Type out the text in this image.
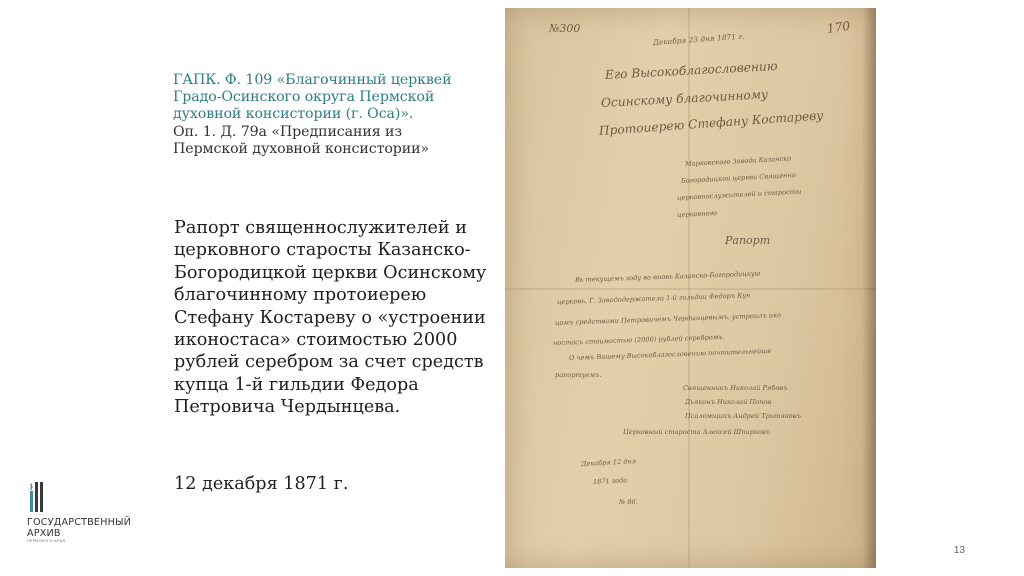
ГАПК. Ф. 109 «Благочинный церквей Градо-Осинского округа Пермской духовной консистории (г. Оса)».
Оп. 1. Д. 79а «Предписания из Пермской духовной консистории»
Рапорт священнослужителей и церковного старосты Казанско-Богородицкой церкви Осинскому благочинному протоиерею Стефану Костареву о «устроении иконостаса» стоимостью 2000 рублей серебром за счет средств купца 1-й гильдии Федора Петровича Чердынцева.
12 декабря 1871 г.
ГОСУДАРСТВЕННЫЙ
АРХИВ
ПЕРМСКОГО КРАЯ
13
№300
Декабря 23 дня 1871 г.
170
Его Высокоблагословению
Осинскому благочинному
Протоиерею Стефану Костареву
Марковского Завода Казанско
Богородицкой церкви Священно
церковнослужителей и старосты
церковного
Рапорт
Вь текущемъ году во вновь Казанско-Богородицкую
церковь, Г. Завододержатели 1-й гильдии Федоръ Кун
цомъ средствами Петровичемъ Чердынцевымъ, устроилъ ико
ностасъ стоимостью (2000) рублей серебромъ.
О чемъ Вашему Высокоблагословению почтительнейше
рапортуемъ.
Священникъ Николай Рябовъ
Дьяконъ Николай Попов
Псаломщикъ Андрей Тритяковъ
Церковный староста Алексей Шпирковъ
Декабря 12 дня
1871 года
№ 86.
